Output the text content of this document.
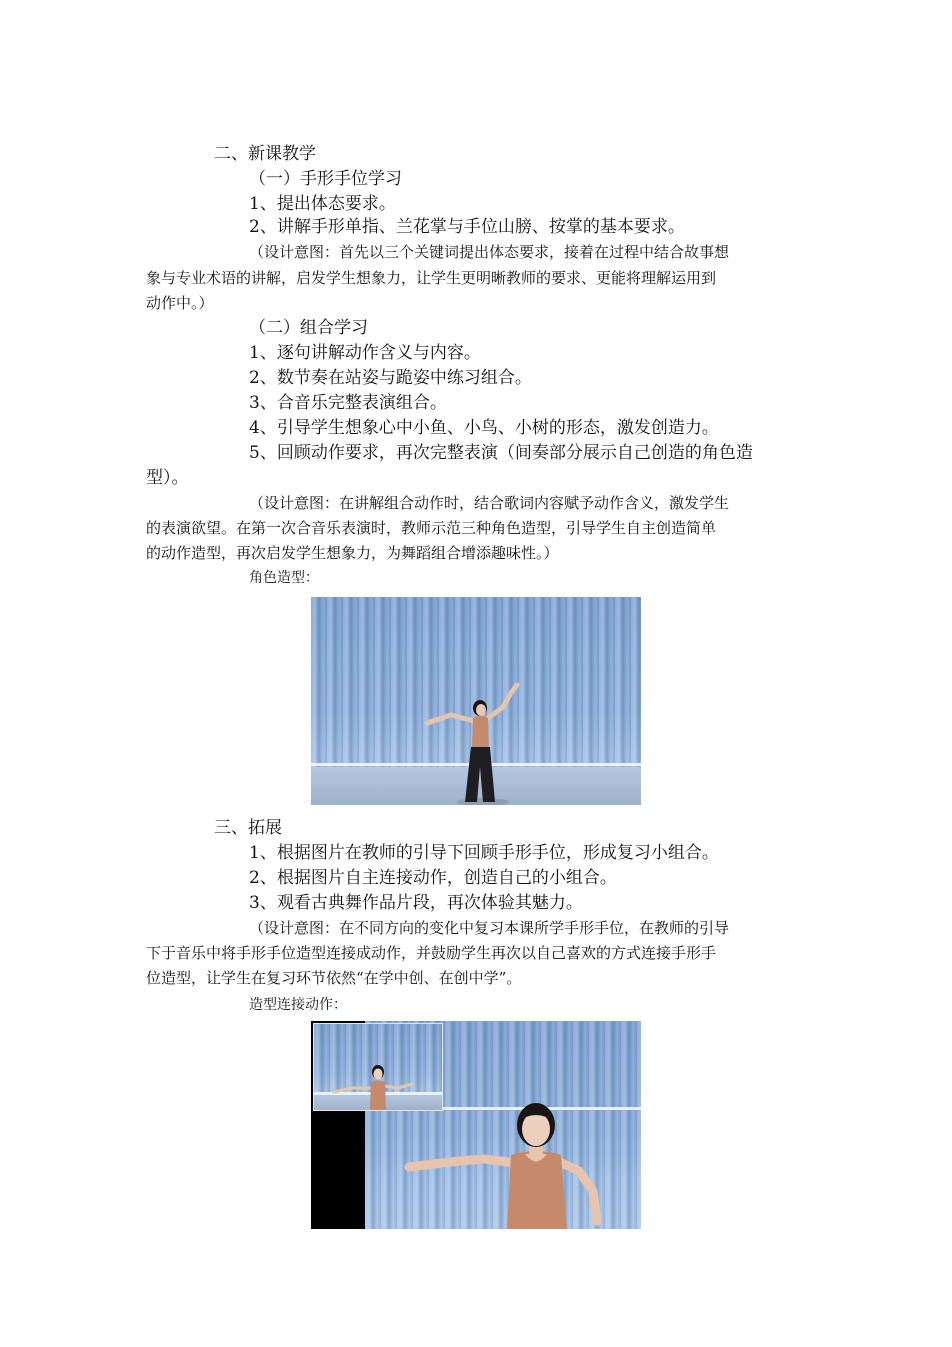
二、新课教学
（一）手形手位学习
1、提出体态要求。
2、讲解手形单指、兰花掌与手位山膀、按掌的基本要求。
（设计意图：首先以三个关键词提出体态要求，接着在过程中结合故事想
象与专业术语的讲解，启发学生想象力，让学生更明晰教师的要求、更能将理解运用到
动作中。）
（二）组合学习
1、逐句讲解动作含义与内容。
2、数节奏在站姿与跪姿中练习组合。
3、合音乐完整表演组合。
4、引导学生想象心中小鱼、小鸟、小树的形态，激发创造力。
5、回顾动作要求，再次完整表演（间奏部分展示自己创造的角色造
型）。
（设计意图：在讲解组合动作时，结合歌词内容赋予动作含义，激发学生
的表演欲望。在第一次合音乐表演时，教师示范三种角色造型，引导学生自主创造简单
的动作造型，再次启发学生想象力，为舞蹈组合增添趣味性。）
角色造型：
三、拓展
1、根据图片在教师的引导下回顾手形手位，形成复习小组合。
2、根据图片自主连接动作，创造自己的小组合。
3、观看古典舞作品片段，再次体验其魅力。
（设计意图：在不同方向的变化中复习本课所学手形手位，在教师的引导
下于音乐中将手形手位造型连接成动作，并鼓励学生再次以自己喜欢的方式连接手形手
位造型，让学生在复习环节依然“在学中创、在创中学”。
造型连接动作：
